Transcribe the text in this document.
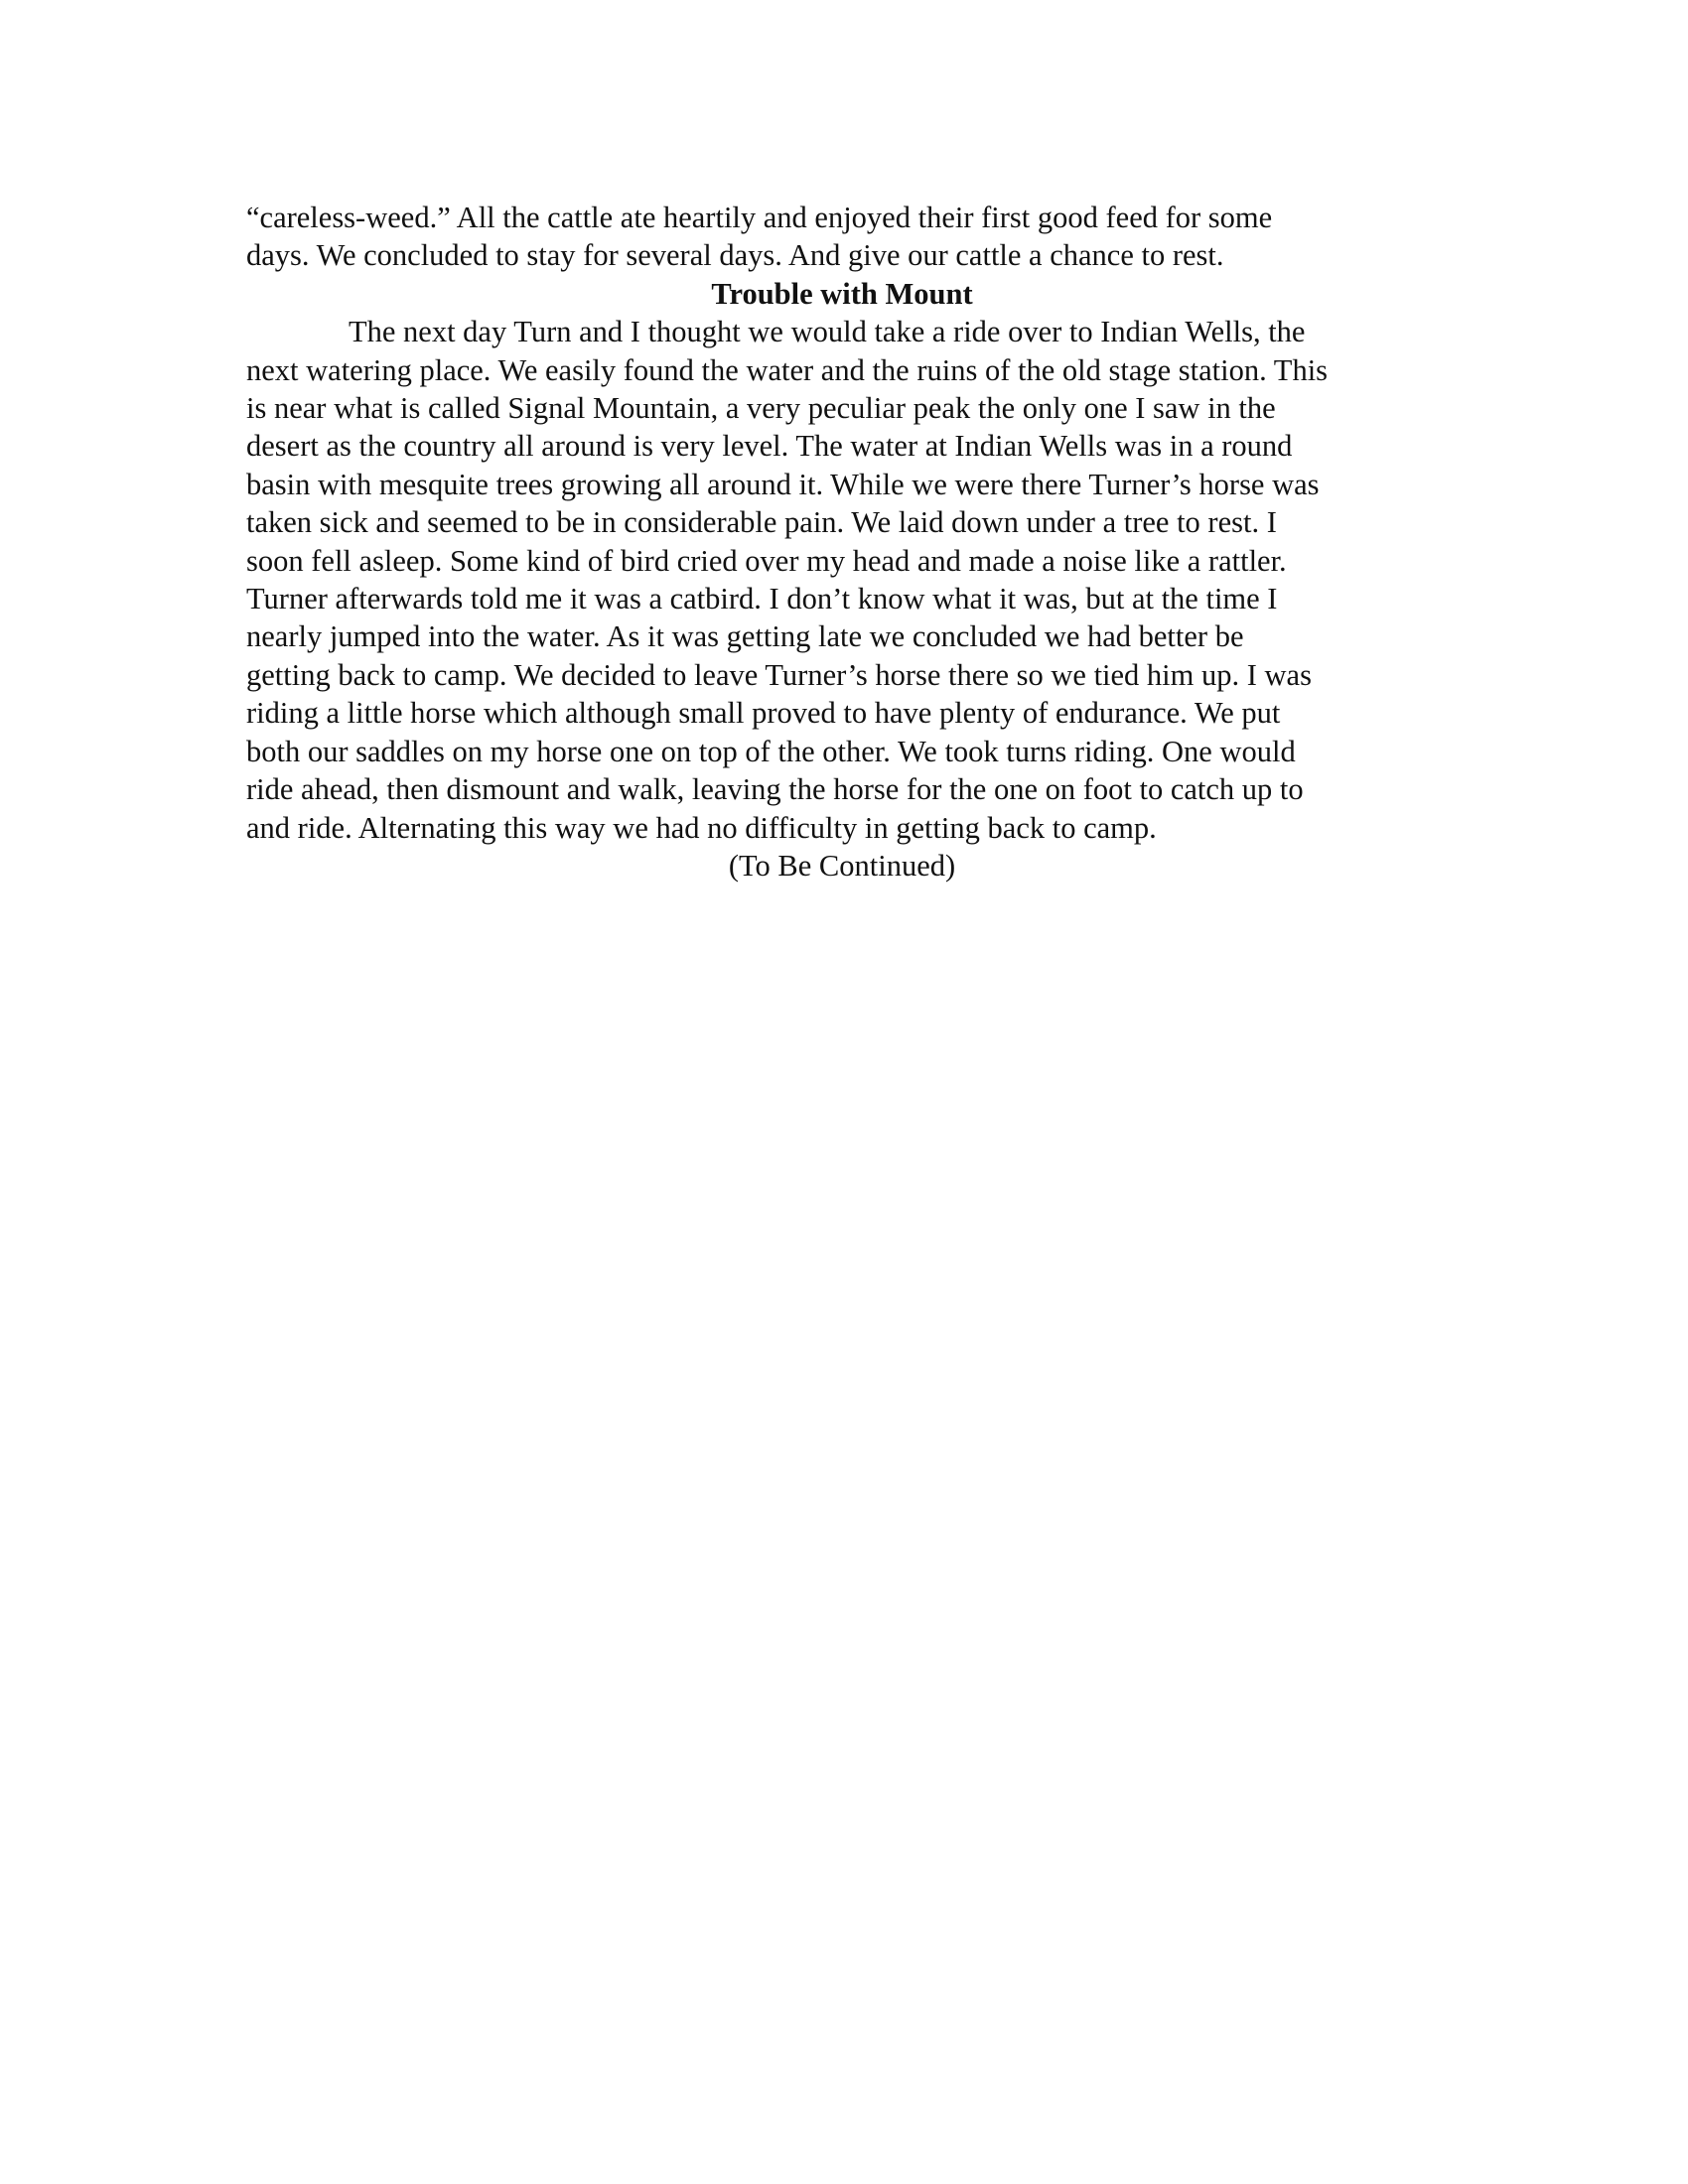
“careless-weed.” All the cattle ate heartily and enjoyed their first good feed for some
days. We concluded to stay for several days. And give our cattle a chance to rest.
Trouble with Mount
The next day Turn and I thought we would take a ride over to Indian Wells, the
next watering place. We easily found the water and the ruins of the old stage station. This
is near what is called Signal Mountain, a very peculiar peak the only one I saw in the
desert as the country all around is very level. The water at Indian Wells was in a round
basin with mesquite trees growing all around it. While we were there Turner’s horse was
taken sick and seemed to be in considerable pain. We laid down under a tree to rest. I
soon fell asleep. Some kind of bird cried over my head and made a noise like a rattler.
Turner afterwards told me it was a catbird. I don’t know what it was, but at the time I
nearly jumped into the water. As it was getting late we concluded we had better be
getting back to camp. We decided to leave Turner’s horse there so we tied him up. I was
riding a little horse which although small proved to have plenty of endurance. We put
both our saddles on my horse one on top of the other. We took turns riding. One would
ride ahead, then dismount and walk, leaving the horse for the one on foot to catch up to
and ride. Alternating this way we had no difficulty in getting back to camp.
(To Be Continued)
